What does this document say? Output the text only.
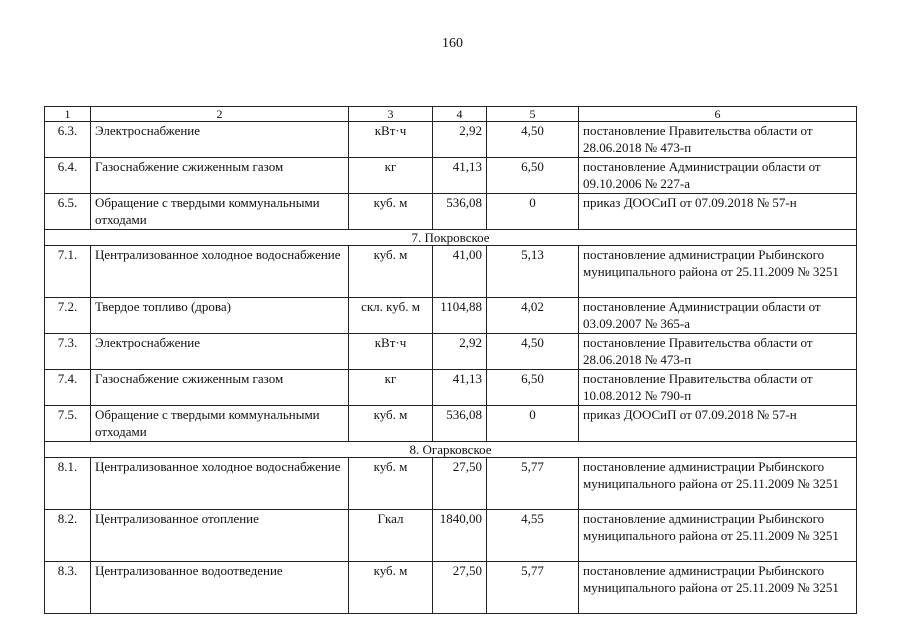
160
1	2	3	4	5	6
6.3.	Электроснабжение	кВт·ч	2,92	4,50	постановление Правительства области от 28.06.2018 № 473-п
6.4.	Газоснабжение сжиженным газом	кг	41,13	6,50	постановление Администрации области от 09.10.2006 № 227-а
6.5.	Обращение с твердыми коммунальными отходами	куб. м	536,08	0	приказ ДООСиП от 07.09.2018 № 57-н
7. Покровское					
7.1.	Централизованное холодное водоснабжение	куб. м	41,00	5,13	постановление администрации Рыбинского муниципального района от 25.11.2009 № 3251
7.2.	Твердое топливо (дрова)	скл. куб. м	1104,88	4,02	постановление Администрации области от 03.09.2007 № 365-а
7.3.	Электроснабжение	кВт·ч	2,92	4,50	постановление Правительства области от 28.06.2018 № 473-п
7.4.	Газоснабжение сжиженным газом	кг	41,13	6,50	постановление Правительства области от 10.08.2012 № 790-п
7.5.	Обращение с твердыми коммунальными отходами	куб. м	536,08	0	приказ ДООСиП от 07.09.2018 № 57-н
8. Огарковское					
8.1.	Централизованное холодное водоснабжение	куб. м	27,50	5,77	постановление администрации Рыбинского муниципального района от 25.11.2009 № 3251
8.2.	Централизованное отопление	Гкал	1840,00	4,55	постановление администрации Рыбинского муниципального района от 25.11.2009 № 3251
8.3.	Централизованное водоотведение	куб. м	27,50	5,77	постановление администрации Рыбинского муниципального района от 25.11.2009 № 3251
